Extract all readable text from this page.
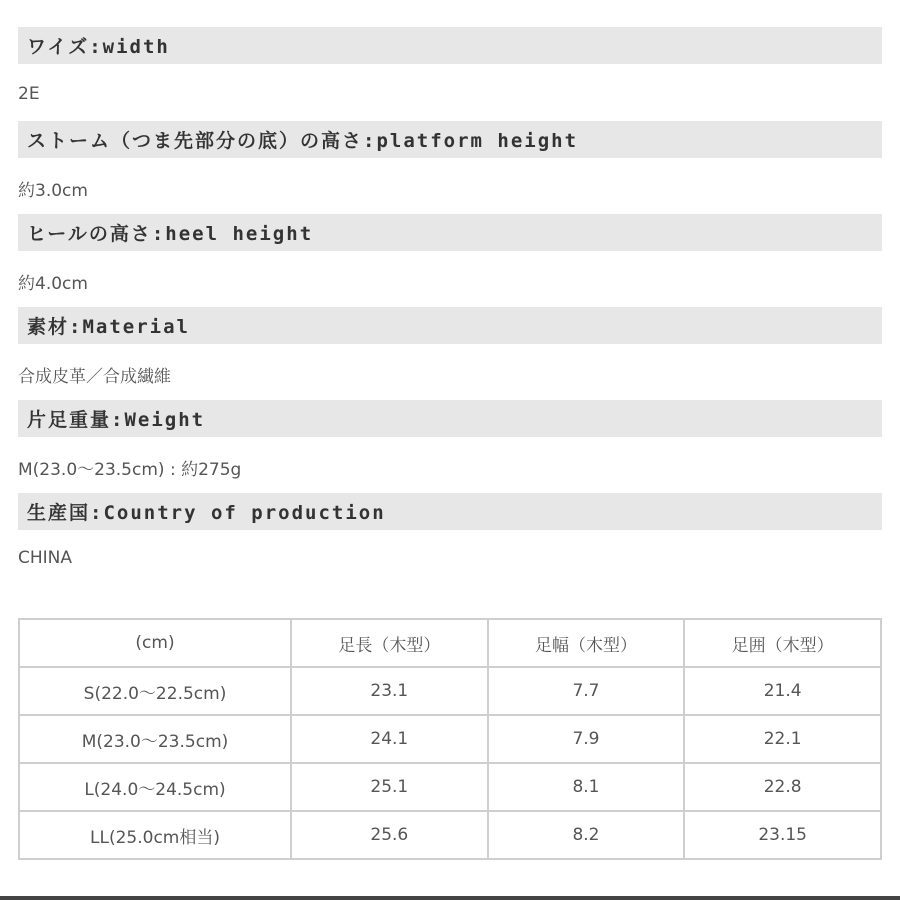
ワイズ:width
2E
ストーム（つま先部分の底）の高さ:platform height
約3.0cm
ヒールの高さ:heel height
約4.0cm
素材:Material
合成皮革／合成繊維
片足重量:Weight
M(23.0〜23.5cm) : 約275g
生産国:Country of production
CHINA
(cm)	足長（木型）	足幅（木型）	足囲（木型）
S(22.0〜22.5cm)	23.1	7.7	21.4
M(23.0〜23.5cm)	24.1	7.9	22.1
L(24.0〜24.5cm)	25.1	8.1	22.8
LL(25.0cm相当)	25.6	8.2	23.15
